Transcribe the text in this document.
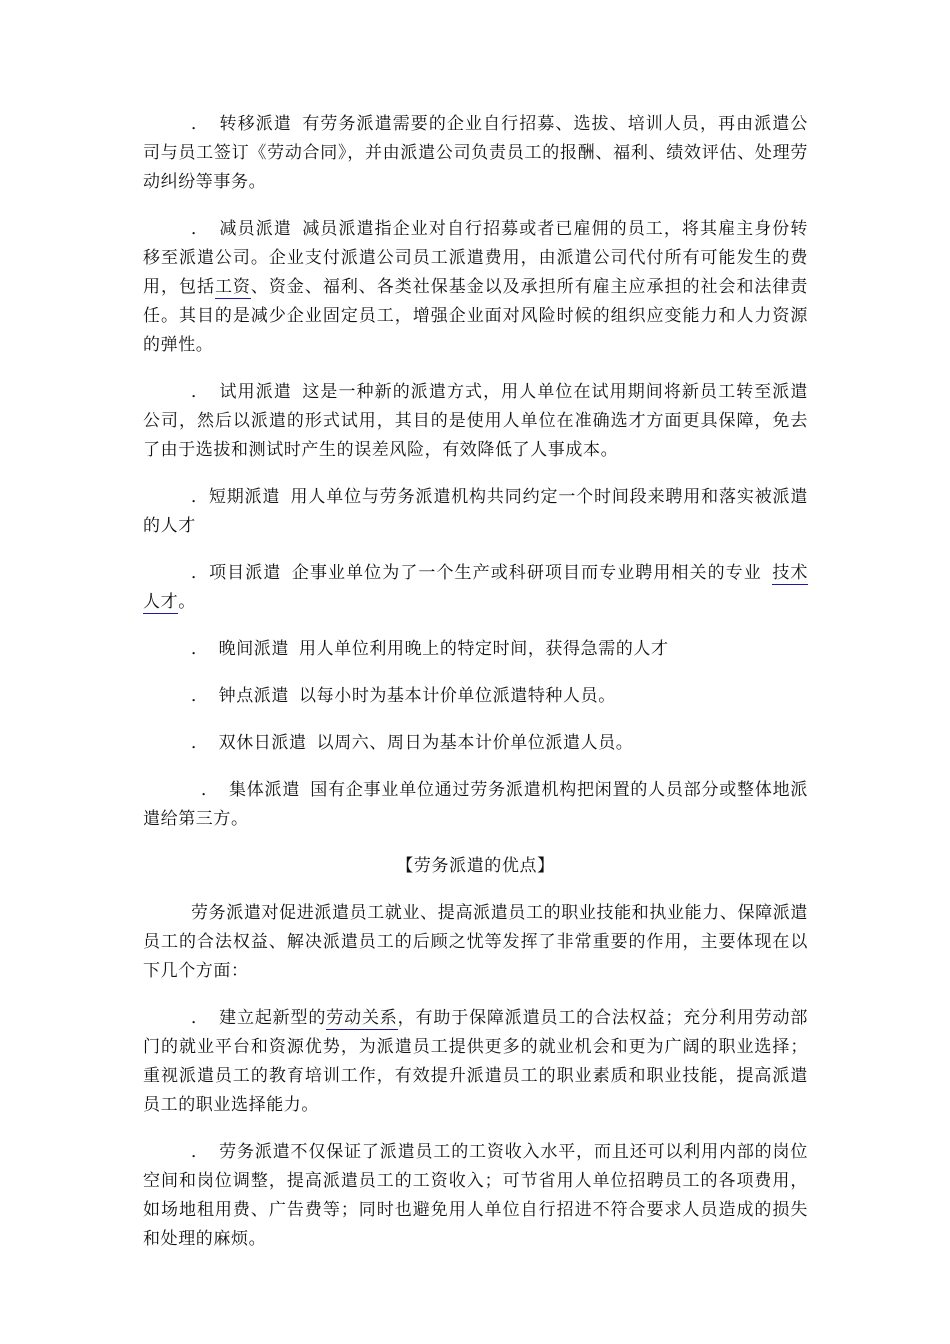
． 转移派遣 有劳务派遣需要的企业自行招募、选拔、培训人员，再由派遣公司与员工签订《劳动合同》，并由派遣公司负责员工的报酬、福利、绩效评估、处理劳动纠纷等事务。

． 减员派遣 减员派遣指企业对自行招募或者已雇佣的员工，将其雇主身份转移至派遣公司。企业支付派遣公司员工派遣费用，由派遣公司代付所有可能发生的费用，包括工资、资金、福利、各类社保基金以及承担所有雇主应承担的社会和法律责任。其目的是减少企业固定员工，增强企业面对风险时候的组织应变能力和人力资源的弹性。

． 试用派遣 这是一种新的派遣方式，用人单位在试用期间将新员工转至派遣公司，然后以派遣的形式试用，其目的是使用人单位在准确选才方面更具保障，免去了由于选拔和测试时产生的误差风险，有效降低了人事成本。

．短期派遣 用人单位与劳务派遣机构共同约定一个时间段来聘用和落实被派遣的人才

．项目派遣 企事业单位为了一个生产或科研项目而专业聘用相关的专业 技术人才。

． 晚间派遣 用人单位利用晚上的特定时间，获得急需的人才

． 钟点派遣 以每小时为基本计价单位派遣特种人员。

． 双休日派遣 以周六、周日为基本计价单位派遣人员。

． 集体派遣 国有企事业单位通过劳务派遣机构把闲置的人员部分或整体地派遣给第三方。

【劳务派遣的优点】

劳务派遣对促进派遣员工就业、提高派遣员工的职业技能和执业能力、保障派遣员工的合法权益、解决派遣员工的后顾之忧等发挥了非常重要的作用，主要体现在以下几个方面：

． 建立起新型的劳动关系，有助于保障派遣员工的合法权益；充分利用劳动部门的就业平台和资源优势，为派遣员工提供更多的就业机会和更为广阔的职业选择；重视派遣员工的教育培训工作，有效提升派遣员工的职业素质和职业技能，提高派遣员工的职业选择能力。

． 劳务派遣不仅保证了派遣员工的工资收入水平，而且还可以利用内部的岗位空间和岗位调整，提高派遣员工的工资收入；可节省用人单位招聘员工的各项费用，如场地租用费、广告费等；同时也避免用人单位自行招进不符合要求人员造成的损失和处理的麻烦。
